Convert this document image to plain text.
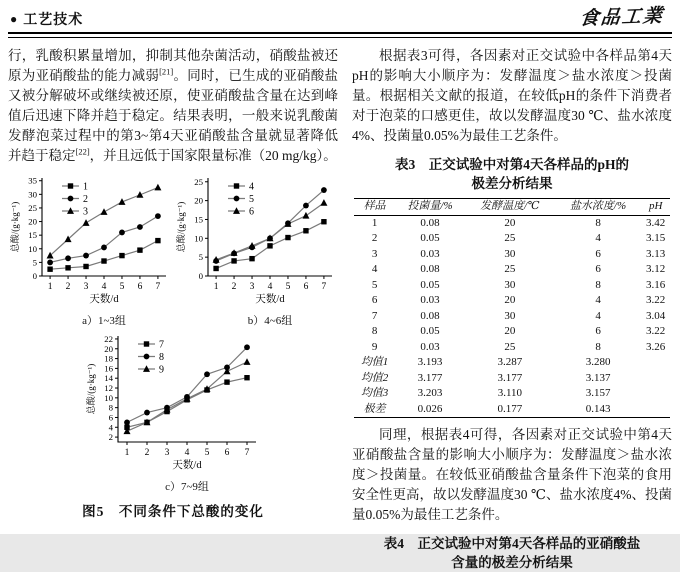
● 工艺技术	食品工業

行，乳酸积累量增加，抑制其他杂菌活动，硝酸盐被还原为亚硝酸盐的能力减弱[21]。同时，已生成的亚硝酸盐又被分解破坏或继续被还原，使亚硝酸盐含量在达到峰值后迅速下降并趋于稳定。结果表明，一般来说乳酸菌发酵泡菜过程中的第3~第4天亚硝酸盐含量就显著降低并趋于稳定[22]，并且远低于国家限量标准（20 mg/kg）。

0
5
10
15
20
25
30
35
1 2 3 4 5 6 7
总酸/(g·kg⁻¹)
天数/d
1
2
3
a）1~3组
0
5
10
15
20
25
1 2 3 4 5 6 7
总酸/(g·kg⁻¹)
天数/d
4
5
6
b）4~6组
2
4
6
8
10
12
14
16
18
20
22
1 2 3 4 5 6 7
总酸/(g·kg⁻¹)
天数/d
7
8
9
c）7~9组
图5　不同条件下总酸的变化

根据表3可得，各因素对正交试验中各样品第4天pH的影响大小顺序为：发酵温度＞盐水浓度＞投菌量。根据相关文献的报道，在较低pH的条件下消费者对于泡菜的口感更佳，故以发酵温度30 ℃、盐水浓度4%、投菌量0.05%为最佳工艺条件。

表3　正交试验中对第4天各样品的pH的
极差分析结果
样品	投菌量/%	发酵温度/℃	盐水浓度/%	pH
1	0.08	20	8	3.42
2	0.05	25	4	3.15
3	0.03	30	6	3.13
4	0.08	25	6	3.12
5	0.05	30	8	3.16
6	0.03	20	4	3.22
7	0.08	30	4	3.04
8	0.05	20	6	3.22
9	0.03	25	8	3.26
均值1	3.193	3.287	3.280	
均值2	3.177	3.177	3.137	
均值3	3.203	3.110	3.157	
极差	0.026	0.177	0.143	

同理，根据表4可得，各因素对正交试验中第4天亚硝酸盐含量的影响大小顺序为：发酵温度＞盐水浓度＞投菌量。在较低亚硝酸盐含量条件下泡菜的食用安全性更高，故以发酵温度30 ℃、盐水浓度4%、投菌量0.05%为最佳工艺条件。

表4　正交试验中对第4天各样品的亚硝酸盐
含量的极差分析结果
